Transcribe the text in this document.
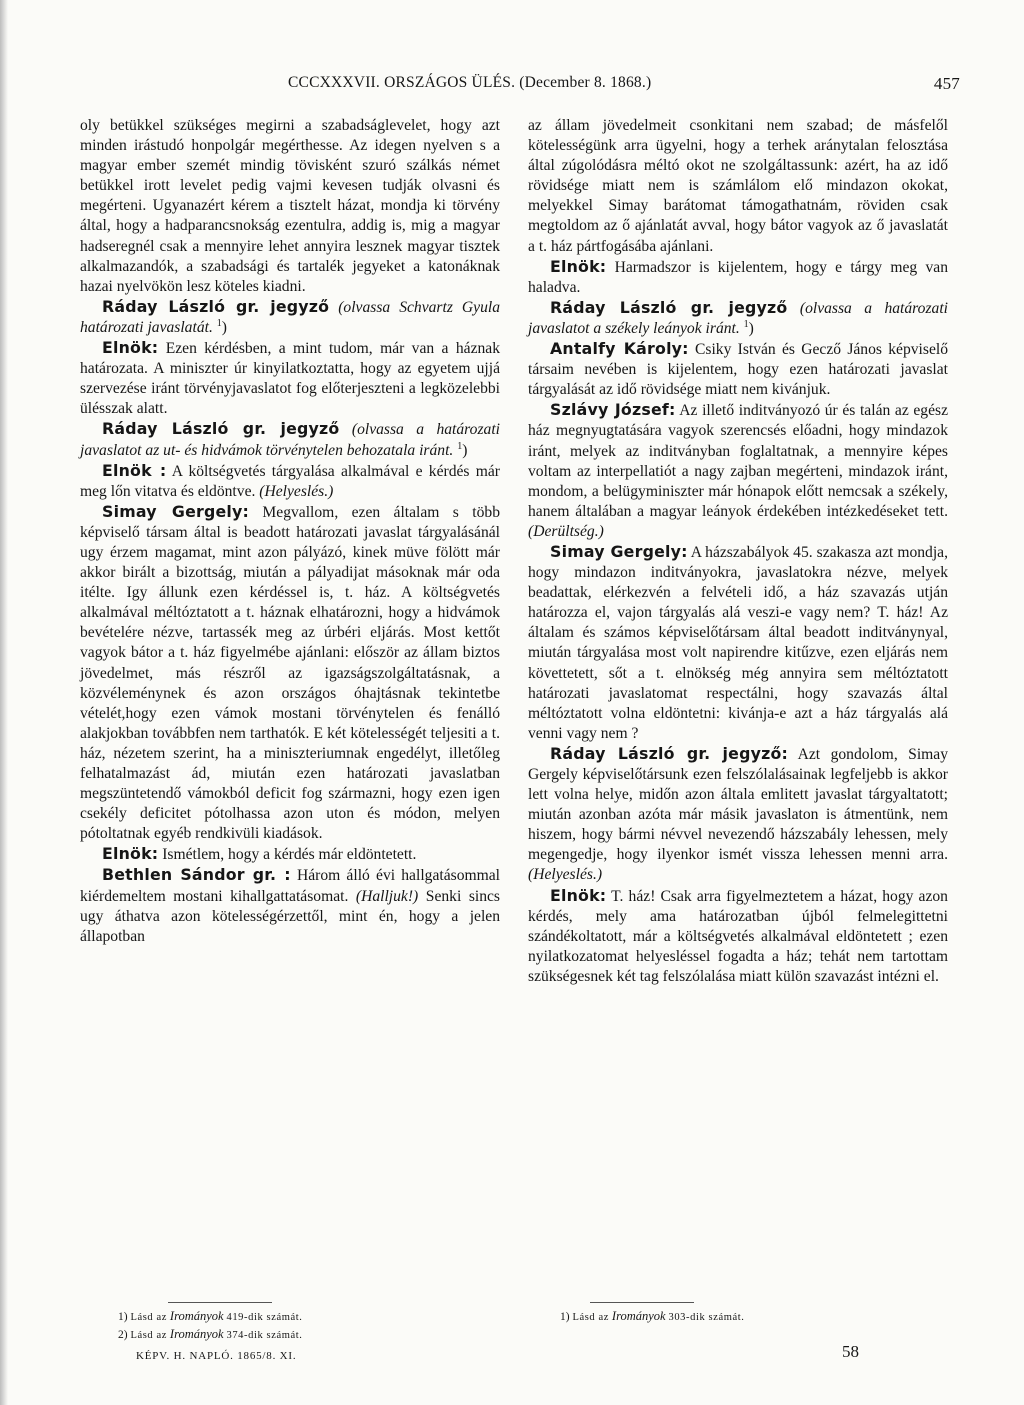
CCCXXXVII. ORSZÁGOS ÜLÉS. (December 8. 1868.)	457

oly betükkel szükséges megirni a szabadságlevelet, hogy azt minden irástudó honpolgár megérthesse. Az idegen nyelven s a magyar ember szemét mindig tövisként szuró szálkás német betükkel irott levelet pedig vajmi kevesen tudják olvasni és megérteni. Ugyanazért kérem a tisztelt házat, mondja ki törvény által, hogy a hadparancsnokság ezentulra, addig is, mig a magyar hadseregnél csak a mennyire lehet annyira lesznek magyar tisztek alkalmazandók, a szabadsági és tartalék jegyeket a katonáknak hazai nyelvökön lesz köteles kiadni.

Ráday László gr. jegyző (olvassa Schvartz Gyula határozati javaslatát. $^1$)

Elnök: Ezen kérdésben, a mint tudom, már van a háznak határozata. A miniszter úr kinyilatkoztatta, hogy az egyetem ujjá szervezése iránt törvényjavaslatot fog előterjeszteni a legközelebbi ülésszak alatt.

Ráday László gr. jegyző (olvassa a határozati javaslatot az ut- és hidvámok törvénytelen behozatala iránt. $^1$)

Elnök : A költségvetés tárgyalása alkalmával e kérdés már meg lőn vitatva és eldöntve. (Helyeslés.)

Simay Gergely: Megvallom, ezen általam s több képviselő társam által is beadott határozati javaslat tárgyalásánál ugy érzem magamat, mint azon pályázó, kinek müve fölött már akkor birált a bizottság, miután a pályadijat másoknak már oda itélte. Igy állunk ezen kérdéssel is, t. ház. A költségvetés alkalmával méltóztatott a t. háznak elhatározni, hogy a hidvámok bevételére nézve, tartassék meg az úrbéri eljárás. Most kettőt vagyok bátor a t. ház figyelmébe ajánlani: először az állam biztos jövedelmet, más részről az igazságszolgáltatásnak, a közvéleménynek és azon országos óhajtásnak tekintetbe vételét,hogy ezen vámok mostani törvénytelen és fenálló alakjokban továbbfen nem tarthatók. E két kötelességét teljesiti a t. ház, nézetem szerint, ha a miniszteriumnak engedélyt, illetőleg felhatalmazást ád, miután ezen határozati javaslatban megszüntetendő vámokból deficit fog származni, hogy ezen igen csekély deficitet pótolhassa azon uton és módon, melyen pótoltatnak egyéb rendkivüli kiadások.

Elnök: Ismétlem, hogy a kérdés már eldöntetett.

Bethlen Sándor gr. : Három álló évi hallgatásommal kiérdemeltem mostani kihallgattatásomat. (Halljuk!) Senki sincs ugy áthatva azon kötelességérzettől, mint én, hogy a jelen állapotban

az állam jövedelmeit csonkitani nem szabad; de másfelől kötelességünk arra ügyelni, hogy a terhek aránytalan felosztása által zúgolódásra méltó okot ne szolgáltassunk: azért, ha az idő rövidsége miatt nem is számlálom elő mindazon okokat, melyekkel Simay barátomat támogathatnám, röviden csak megtoldom az ő ajánlatát avval, hogy bátor vagyok az ő javaslatát a t. ház pártfogásába ajánlani.

Elnök: Harmadszor is kijelentem, hogy e tárgy meg van haladva.

Ráday László gr. jegyző (olvassa a határozati javaslatot a székely leányok iránt. $^1$)

Antalfy Károly: Csiky István és Gecző János képviselő társaim nevében is kijelentem, hogy ezen határozati javaslat tárgyalását az idő rövidsége miatt nem kivánjuk.

Szlávy József: Az illető inditványozó úr és talán az egész ház megnyugtatására vagyok szerencsés előadni, hogy mindazok iránt, melyek az inditványban foglaltatnak, a mennyire képes voltam az interpellatiót a nagy zajban megérteni, mindazok iránt, mondom, a belügyminiszter már hónapok előtt nemcsak a székely, hanem általában a magyar leányok érdekében intézkedéseket tett. (Derültség.)

Simay Gergely: A házszabályok 45. szakasza azt mondja, hogy mindazon inditványokra, javaslatokra nézve, melyek beadattak, elérkezvén a felvételi idő, a ház szavazás utján határozza el, vajon tárgyalás alá veszi-e vagy nem? T. ház! Az általam és számos képviselőtársam által beadott inditványnyal, miután tárgyalása most volt napirendre kitűzve, ezen eljárás nem követtetett, sőt a t. elnökség még annyira sem méltóztatott határozati javaslatomat respectálni, hogy szavazás által méltóztatott volna eldöntetni: kivánja-e azt a ház tárgyalás alá venni vagy nem ?

Ráday László gr. jegyző: Azt gondolom, Simay Gergely képviselőtársunk ezen felszólalásainak legfeljebb is akkor lett volna helye, midőn azon általa emlitett javaslat tárgyaltatott; miután azonban azóta már másik javaslaton is átmentünk, nem hiszem, hogy bármi névvel nevezendő házszabály lehessen, mely megengedje, hogy ilyenkor ismét vissza lehessen menni arra. (Helyeslés.)

Elnök: T. ház! Csak arra figyelmeztetem a házat, hogy azon kérdés, mely ama határozatban újból felmelegittetni szándékoltatott, már a költségvetés alkalmával eldöntetett ; ezen nyilatkozatomat helyesléssel fogadta a ház; tehát nem tartottam szükségesnek két tag felszólalása miatt külön szavazást intézni el.

1) Lásd az Irományok 419-dik számát.
2) Lásd az Irományok 374-dik számát.
1) Lásd az Irományok 303-dik számát.
KÉPV. H. NAPLÓ. 1865/8. XI.	58
